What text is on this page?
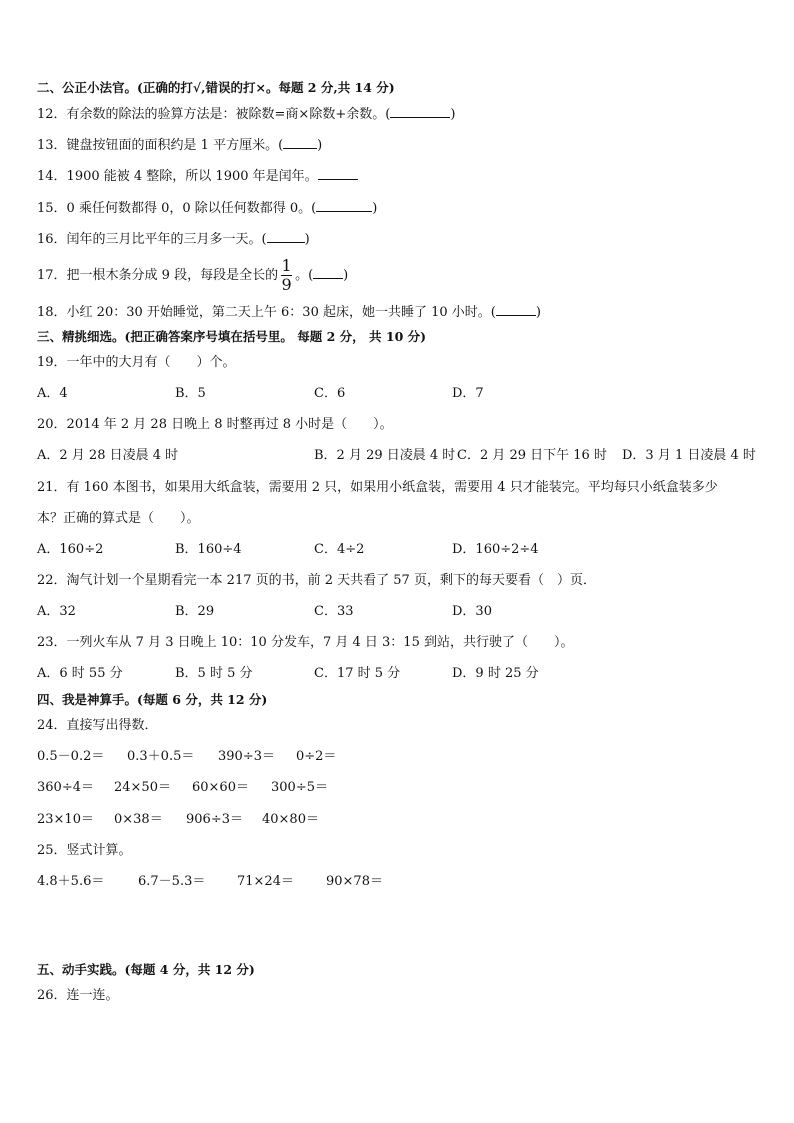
二、公正小法官。(正确的打√,错误的打×。每题 2 分,共 14 分)
12．有余数的除法的验算方法是：被除数=商×除数+余数。(	)
13．键盘按钮面的面积约是 1 平方厘米。(	)
14．1900 能被 4 整除，所以 1900 年是闰年。
15．0 乘任何数都得 0，0 除以任何数都得 0。(	)
16．闰年的三月比平年的三月多一天。(	)
17．把一根木条分成 9 段，每段是全长的 $\frac{1}{9}$ 。( )
18．小红 20：30 开始睡觉，第二天上午 6：30 起床，她一共睡了 10 小时。(	)
三、精挑细选。(把正确答案序号填在括号里。 每题 2 分， 共 10 分)
19．一年中的大月有（　　）个。
A．4	B．5	C．6	D．7
20．2014 年 2 月 28 日晚上 8 时整再过 8 小时是（　　）。
A．2 月 28 日凌晨 4 时	B．2 月 29 日凌晨 4 时 C．2 月 29 日下午 16 时 D．3 月 1 日凌晨 4 时
21．有 160 本图书，如果用大纸盒装，需要用 2 只，如果用小纸盒装，需要用 4 只才能装完。平均每只小纸盒装多少
本？正确的算式是（　　）。
A．160÷2	B．160÷4	C．4÷2	D．160÷2÷4
22．淘气计划一个星期看完一本 217 页的书，前 2 天共看了 57 页，剩下的每天要看（　）页．
A．32	B．29	C．33	D．30
23．一列火车从 7 月 3 日晚上 10：10 分发车，7 月 4 日 3：15 到站，共行驶了（　　）。
A．6 时 55 分	B．5 时 5 分	C．17 时 5 分	D．9 时 25 分
四、我是神算手。(每题 6 分，共 12 分)
24．直接写出得数．
0.5－0.2＝ 0.3＋0.5＝ 390÷3＝ 0÷2＝
360÷4＝ 24×50＝ 60×60＝ 300÷5＝
23×10＝ 0×38＝ 906÷3＝ 40×80＝
25．竖式计算。
4.8＋5.6＝	6.7－5.3＝ 71×24＝ 90×78＝
五、动手实践。(每题 4 分，共 12 分)
26．连一连。
